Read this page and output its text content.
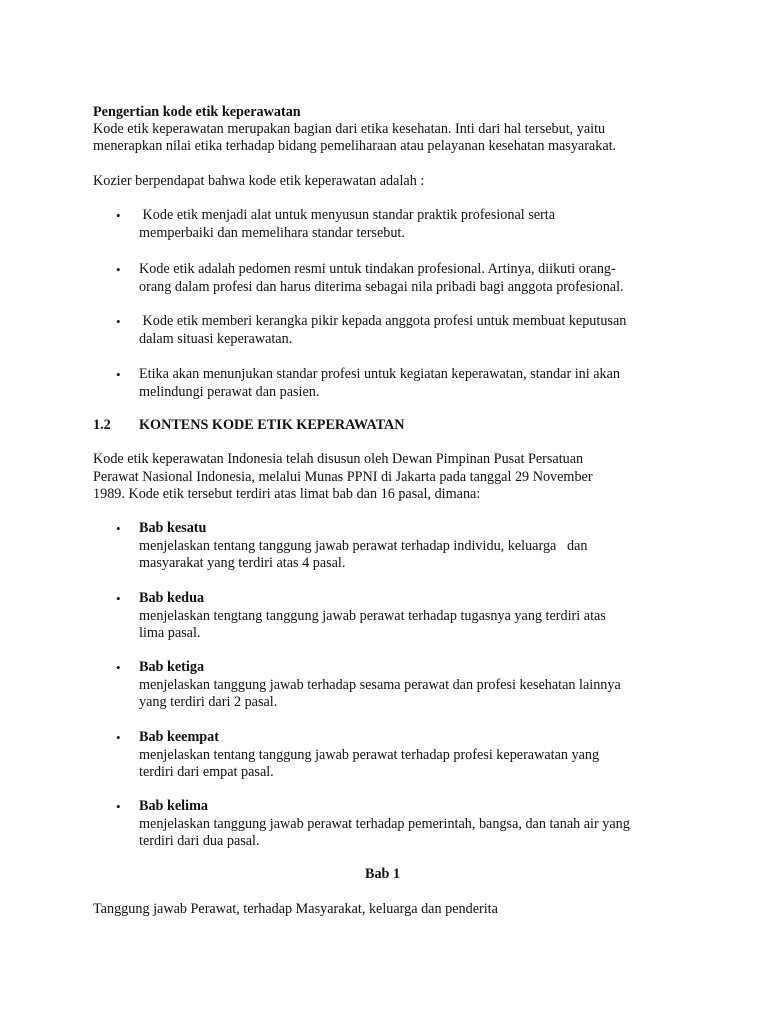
Pengertian kode etik keperawatan
Kode etik keperawatan merupakan bagian dari etika kesehatan. Inti dari hal tersebut, yaitu
menerapkan nilai etika terhadap bidang pemeliharaan atau pelayanan kesehatan masyarakat.
Kozier berpendapat bahwa kode etik keperawatan adalah :
• Kode etik menjadi alat untuk menyusun standar praktik profesional serta
memperbaiki dan memelihara standar tersebut.
• Kode etik adalah pedomen resmi untuk tindakan profesional. Artinya, diikuti orang-
orang dalam profesi dan harus diterima sebagai nila pribadi bagi anggota profesional.
• Kode etik memberi kerangka pikir kepada anggota profesi untuk membuat keputusan
dalam situasi keperawatan.
• Etika akan menunjukan standar profesi untuk kegiatan keperawatan, standar ini akan
melindungi perawat dan pasien.
1.2 KONTENS KODE ETIK KEPERAWATAN
Kode etik keperawatan Indonesia telah disusun oleh Dewan Pimpinan Pusat Persatuan
Perawat Nasional Indonesia, melalui Munas PPNI di Jakarta pada tanggal 29 November
1989. Kode etik tersebut terdiri atas limat bab dan 16 pasal, dimana:
• Bab kesatu
menjelaskan tentang tanggung jawab perawat terhadap individu, keluarga   dan
masyarakat yang terdiri atas 4 pasal.
• Bab kedua
menjelaskan tengtang tanggung jawab perawat terhadap tugasnya yang terdiri atas
lima pasal.
• Bab ketiga
menjelaskan tanggung jawab terhadap sesama perawat dan profesi kesehatan lainnya
yang terdiri dari 2 pasal.
• Bab keempat
menjelaskan tentang tanggung jawab perawat terhadap profesi keperawatan yang
terdiri dari empat pasal.
• Bab kelima
menjelaskan tanggung jawab perawat terhadap pemerintah, bangsa, dan tanah air yang
terdiri dari dua pasal.
Bab 1
Tanggung jawab Perawat, terhadap Masyarakat, keluarga dan penderita
